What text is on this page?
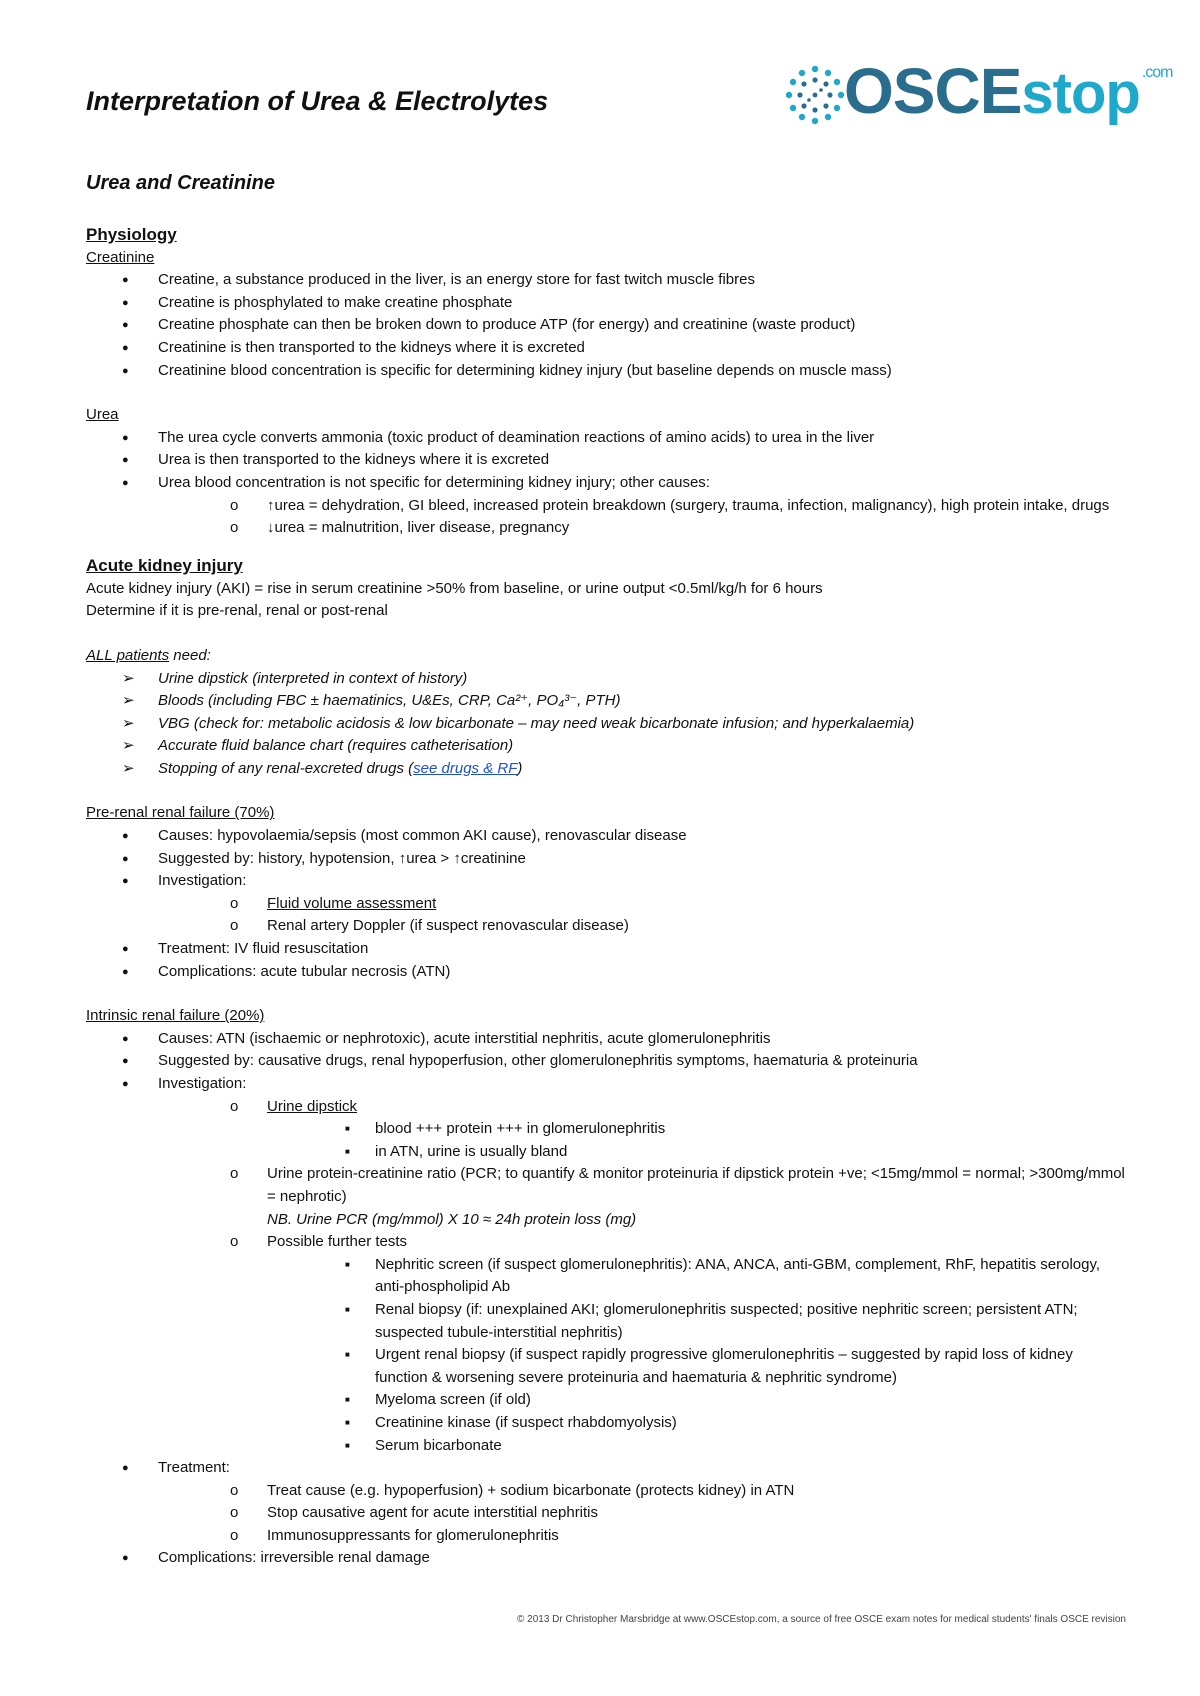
Interpretation of Urea & Electrolytes	OSCEstop $^{.com}$

Urea and Creatinine

Physiology

Creatinine

● Creatine, a substance produced in the liver, is an energy store for fast twitch muscle fibres
● Creatine is phosphylated to make creatine phosphate
● Creatine phosphate can then be broken down to produce ATP (for energy) and creatinine (waste product)
● Creatinine is then transported to the kidneys where it is excreted
● Creatinine blood concentration is specific for determining kidney injury (but baseline depends on muscle mass)

Urea

● The urea cycle converts ammonia (toxic product of deamination reactions of amino acids) to urea in the liver
● Urea is then transported to the kidneys where it is excreted
● Urea blood concentration is not specific for determining kidney injury; other causes:
o ↑urea = dehydration, GI bleed, increased protein breakdown (surgery, trauma, infection, malignancy), high protein intake, drugs
o ↓urea = malnutrition, liver disease, pregnancy

Acute kidney injury

Acute kidney injury (AKI) = rise in serum creatinine >50% from baseline, or urine output <0.5ml/kg/h for 6 hours

Determine if it is pre-renal, renal or post-renal

ALL patients need:

➢ Urine dipstick (interpreted in context of history)
➢ Bloods (including FBC ± haematinics, U&Es, CRP, Ca²⁺, PO₄³⁻, PTH)
➢ VBG (check for: metabolic acidosis & low bicarbonate – may need weak bicarbonate infusion; and hyperkalaemia)
➢ Accurate fluid balance chart (requires catheterisation)
➢ Stopping of any renal-excreted drugs (see drugs & RF)

Pre-renal renal failure (70%)

● Causes: hypovolaemia/sepsis (most common AKI cause), renovascular disease
● Suggested by: history, hypotension, ↑urea > ↑creatinine
● Investigation:
o Fluid volume assessment
o Renal artery Doppler (if suspect renovascular disease)
● Treatment: IV fluid resuscitation
● Complications: acute tubular necrosis (ATN)

Intrinsic renal failure (20%)

● Causes: ATN (ischaemic or nephrotoxic), acute interstitial nephritis, acute glomerulonephritis
● Suggested by: causative drugs, renal hypoperfusion, other glomerulonephritis symptoms, haematuria & proteinuria
● Investigation:
o Urine dipstick
■ blood +++ protein +++ in glomerulonephritis
■ in ATN, urine is usually bland
o Urine protein-creatinine ratio (PCR; to quantify & monitor proteinuria if dipstick protein +ve; <15mg/mmol = normal; >300mg/mmol = nephrotic)
NB. Urine PCR (mg/mmol) X 10 ≈ 24h protein loss (mg)
o Possible further tests
■ Nephritic screen (if suspect glomerulonephritis): ANA, ANCA, anti-GBM, complement, RhF, hepatitis serology, anti-phospholipid Ab
■ Renal biopsy (if: unexplained AKI; glomerulonephritis suspected; positive nephritic screen; persistent ATN; suspected tubule-interstitial nephritis)
■ Urgent renal biopsy (if suspect rapidly progressive glomerulonephritis – suggested by rapid loss of kidney function & worsening severe proteinuria and haematuria & nephritic syndrome)
■ Myeloma screen (if old)
■ Creatinine kinase (if suspect rhabdomyolysis)
■ Serum bicarbonate
● Treatment:
o Treat cause (e.g. hypoperfusion) + sodium bicarbonate (protects kidney) in ATN
o Stop causative agent for acute interstitial nephritis
o Immunosuppressants for glomerulonephritis
● Complications: irreversible renal damage
© 2013 Dr Christopher Marsbridge at www.OSCEstop.com, a source of free OSCE exam notes for medical students' finals OSCE revision
